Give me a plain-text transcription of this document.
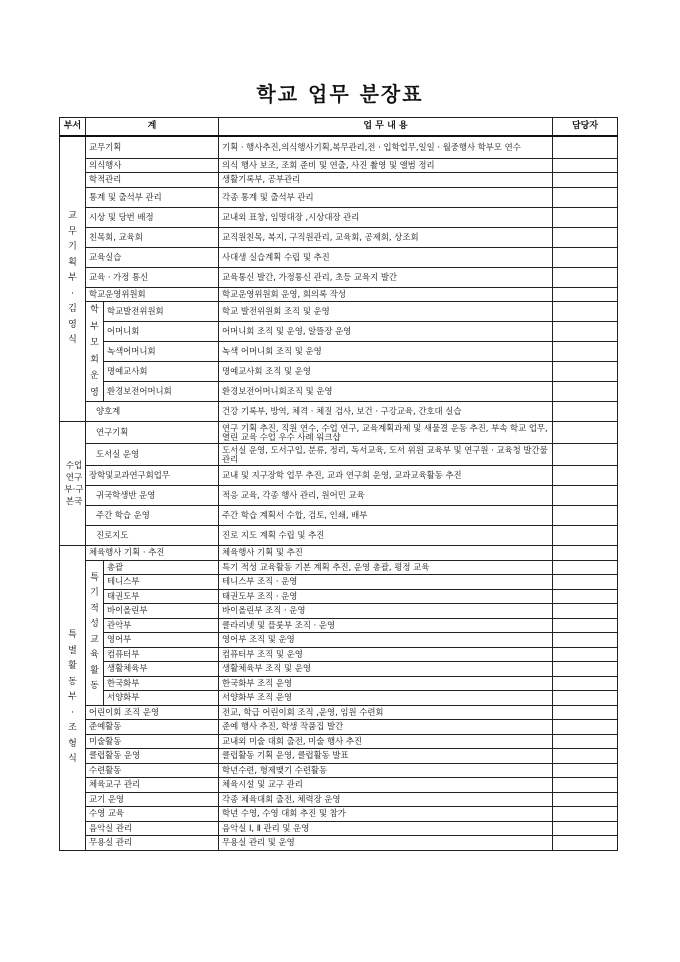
학교 업무 분장표
부서	계		업 무 내 용	담당자
교무기획부·김영식	교무기획		기획 · 행사추진,의식행사기획,복무관리,전 · 입학업무,일일 · 월중행사 학부모 연수	
	의식행사		의식 행사 보조, 조회 준비 및 연출, 사진 촬영 및 앨범 정리	
	학적관리		생활기록부, 공부관리	
	통계 및 출석부 관리		각종 통계 및 출석부 관리	
	시상 및 당번 배정		교내외 표창, 임명대장 ,시상대장 관리	
	친목회, 교육회		교직원친목, 복지, 구직원관리, 교육회, 공제회, 상조회	
	교육실습		사대생 실습계획 수립 및 추진	
	교육 · 가정 통신		교육통신 발간, 가정통신 관리, 초등 교육지 발간	
	학교운영위원회		학교운영위원회 운영, 회의록 작성	
	학부모회운영	학교발전위원회	학교 발전위원회 조직 및 운영	
		어머니회	어머니회 조직 및 운영, 알뜰장 운영	
		녹색어머니회	녹색 어머니회 조직 및 운영	
		명예교사회	명예교사회 조직 및 운영	
		환경보전어머니회	환경보전어머니회조직 및 운영	
	양호계		건강 기록부, 방역, 체격 · 체질 검사, 보건 · 구강교육, 간호대 실습	
수업연구부·구본국	연구기획		연구 기획 추진, 직원 연수, 수업 연구, 교육계획과제 및 새물결 운동 추진, 부속 학교 업무, 열린 교육 수업 우수 사례 워크샵	
	도서실 운영		도서실 운영, 도서구입, 분류, 정리, 독서교육, 도서 위원 교육부 및 연구원 · 교육청 발간물 관리	
	장학및교과연구회업무		교내 및 지구장학 업무 추진, 교과 연구회 운영, 교과교육활동 추진	
	귀국학생반 운영		적응 교육, 각종 행사 관리, 원어민 교육	
	주간 학습 운영		주간 학습 계획서 수합, 검토, 인쇄, 배부	
	진로지도		진로 지도 계획 수립 및 추진	
특별활동부·조형식	체육행사 기획 · 추진		체육행사 기획 및 추진	
	특기적성교육활동	총괄	특기 적성 교육활동 기본 계획 추진, 운영 총괄, 평정 교육	
		테니스부	테니스부 조직 · 운영	
		태권도부	태권도부 조직 · 운영	
		바이올린부	바이올린부 조직 · 운영	
		관악부	클라리넷 및 플룻부 조직 · 운영	
		영어부	영어부 조직 및 운영	
		컴퓨터부	컴퓨터부 조직 및 운영	
		생활체육부	생활체육부 조직 및 운영	
		한국화부	한국화부 조직 운영	
		서양화부	서양화부 조직 운영	
	어린이회 조직 운영		전교, 학급 어린이회 조직 ,운영, 임원 수련회	
	준예활동		준예 행사 추진, 학생 작품집 발간	
	미술활동		교내외 미술 대회 출전, 미술 행사 추진	
	클럽활동 운영		클럽활동 기획 운영, 클럽활동 발표	
	수련활동		학년수련, 형제맺기 수련활동	
	체육교구 관리		체육시설 및 교구 관리	
	교기 운영		각종 체육대회 출전, 체력장 운영	
	수영 교육		학년 수영, 수영 대회 추진 및 참가	
	음악실 관리		음악실 Ⅰ, Ⅱ 관리 및 운영	
	무용실 관리		무용실 관리 및 운영	
